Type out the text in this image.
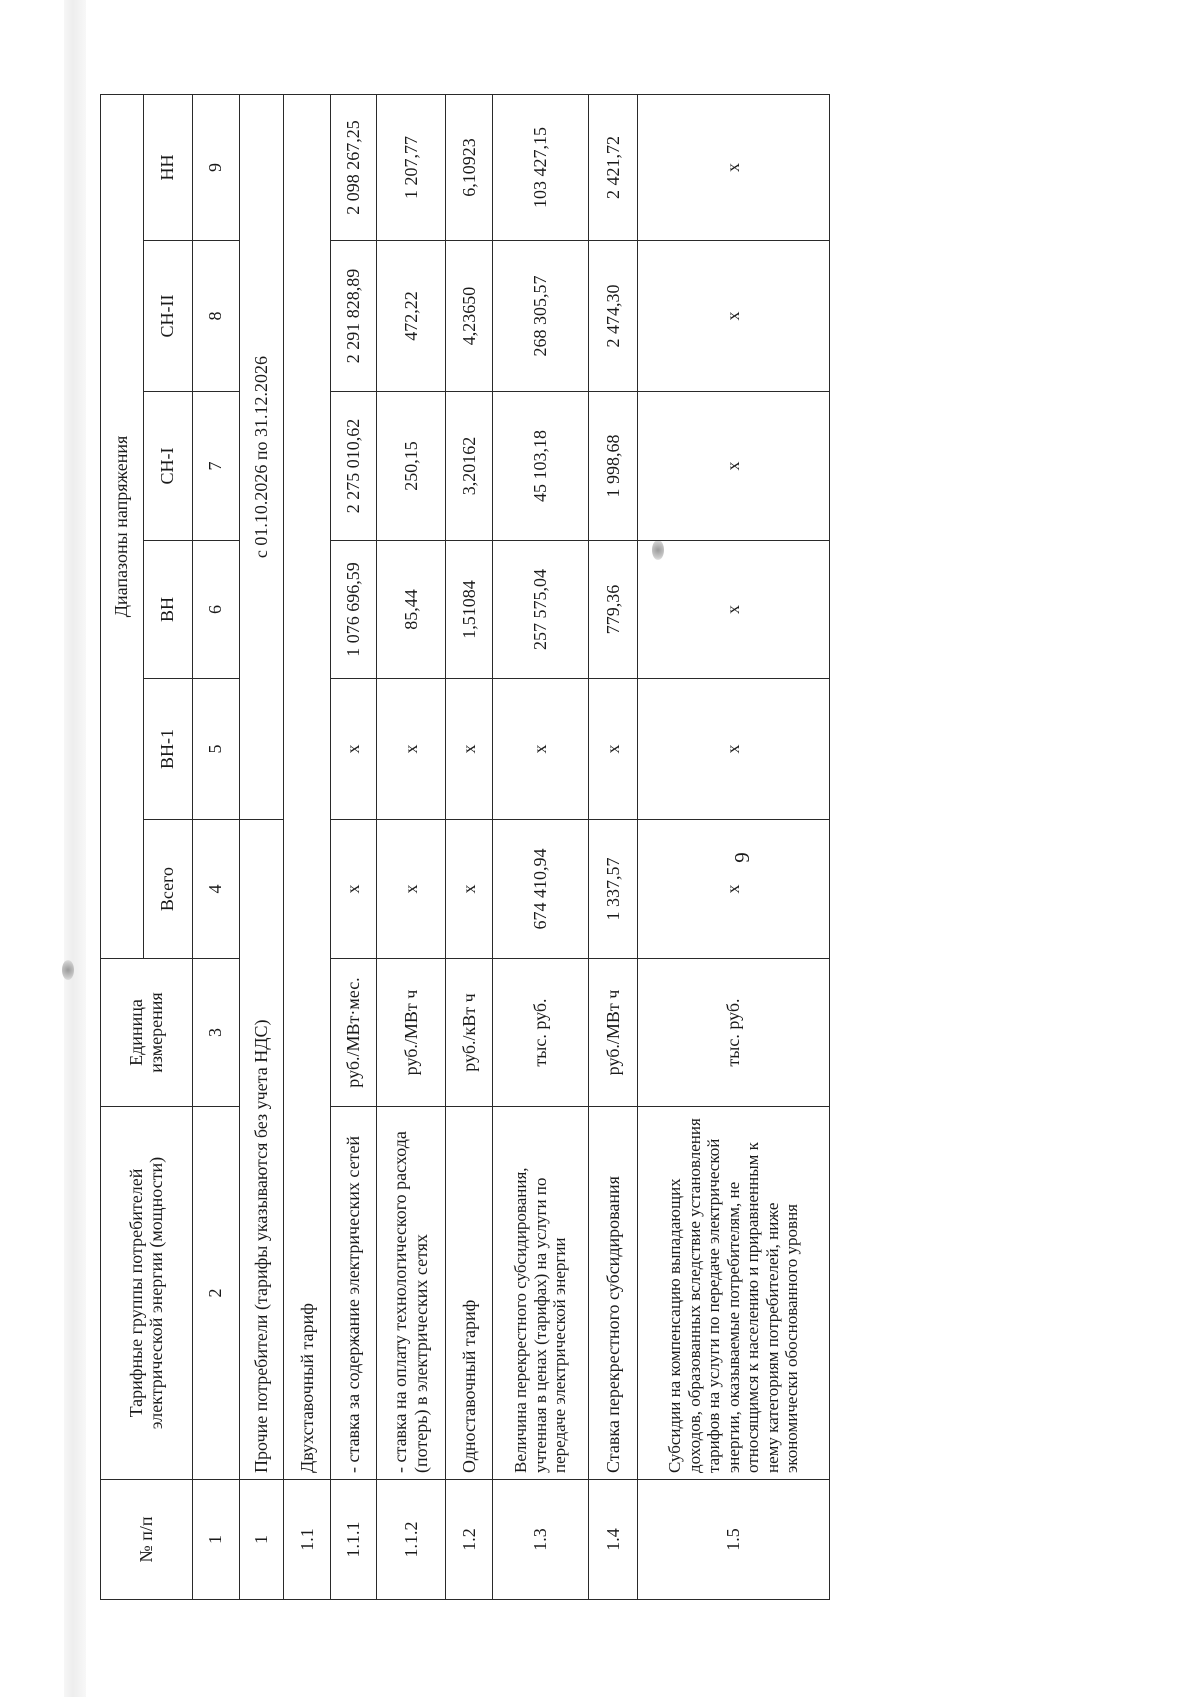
9
№ п/п	Тарифные группы потребителей электрической энергии (мощности)	Единица измерения	Диапазоны напряжения					
			Всего	ВН-1	ВН	СН-I	СН-II	НН
1	2	3	4	5	6	7	8	9
1	Прочие потребители (тарифы указываются без учета НДС)			с 01.10.2026 по 31.12.2026				
1.1	Двухставочный тариф							
1.1.1	- ставка за содержание электрических сетей	руб./МВт·мес.	х	х	1 076 696,59	2 275 010,62	2 291 828,89	2 098 267,25
1.1.2	- ставка на оплату технологического расхода (потерь) в электрических сетях	руб./МВт ч	х	х	85,44	250,15	472,22	1 207,77
1.2	Одноставочный тариф	руб./кВт ч	х	х	1,51084	3,20162	4,23650	6,10923
1.3	Величина перекрестного субсидирования, учтенная в ценах (тарифах) на услуги по передаче электрической энергии	тыс. руб.	674 410,94	х	257 575,04	45 103,18	268 305,57	103 427,15
1.4	Ставка перекрестного субсидирования	руб./МВт ч	1 337,57	х	779,36	1 998,68	2 474,30	2 421,72
1.5	Субсидии на компенсацию выпадающих доходов, образованных вследствие установления тарифов на услуги по передаче электрической энергии, оказываемые потребителям, не относящимся к населению и приравненным к нему категориям потребителей, ниже экономически обоснованного уровня	тыс. руб.	х	х	х	х	х	х
